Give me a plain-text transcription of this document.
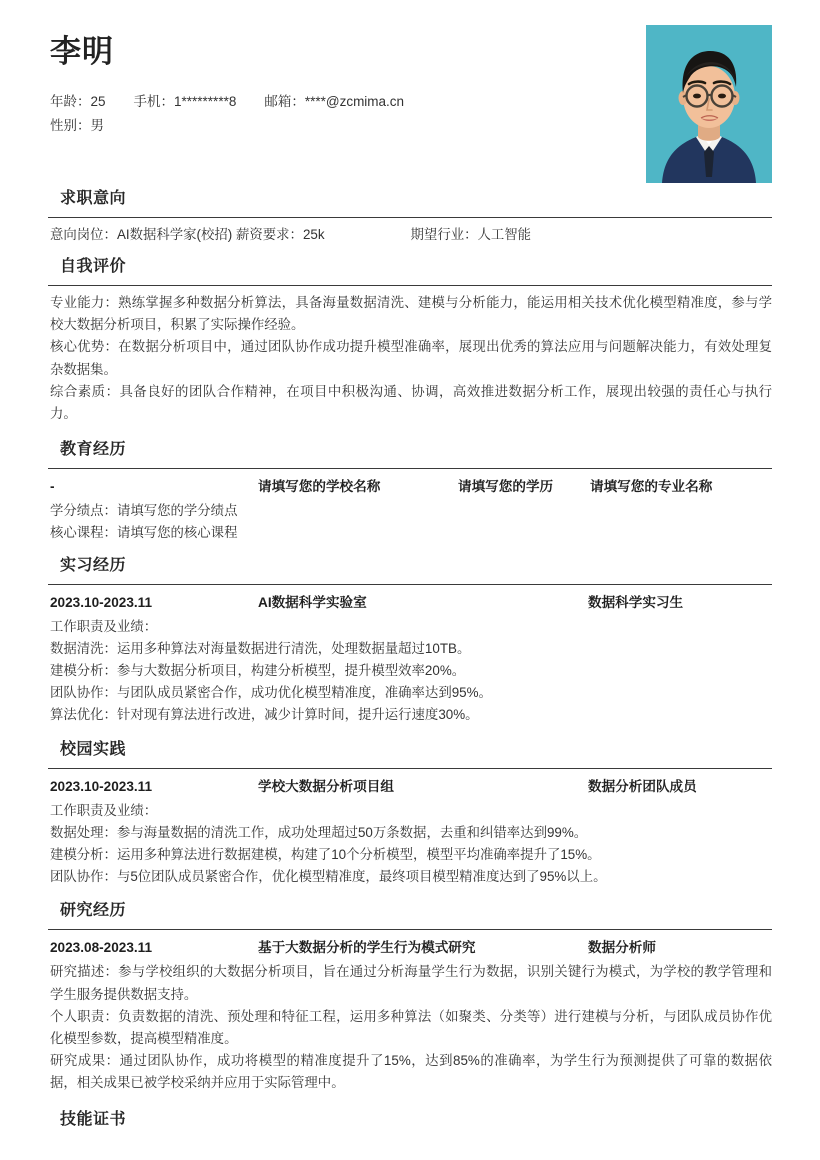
李明
年龄：25 手机：1*********8 邮箱：****@zcmima.cn
性别：男
求职意向
意向岗位：AI数据科学家(校招) 薪资要求：25k	期望行业：人工智能
自我评价

专业能力：熟练掌握多种数据分析算法，具备海量数据清洗、建模与分析能力，能运用相关技术优化模型精准度，参与学校大数据分析项目，积累了实际操作经验。

核心优势：在数据分析项目中，通过团队协作成功提升模型准确率，展现出优秀的算法应用与问题解决能力，有效处理复杂数据集。

综合素质：具备良好的团队合作精神，在项目中积极沟通、协调，高效推进数据分析工作，展现出较强的责任心与执行力。

教育经历
-	请填写您的学校名称	请填写您的学历	请填写您的专业名称

学分绩点：请填写您的学分绩点

核心课程：请填写您的核心课程

实习经历
2023.10-2023.11	AI数据科学实验室	数据科学实习生

工作职责及业绩：

数据清洗：运用多种算法对海量数据进行清洗，处理数据量超过10TB。

建模分析：参与大数据分析项目，构建分析模型，提升模型效率20%。

团队协作：与团队成员紧密合作，成功优化模型精准度，准确率达到95%。

算法优化：针对现有算法进行改进，减少计算时间，提升运行速度30%。

校园实践
2023.10-2023.11	学校大数据分析项目组	数据分析团队成员

工作职责及业绩：

数据处理：参与海量数据的清洗工作，成功处理超过50万条数据，去重和纠错率达到99%。

建模分析：运用多种算法进行数据建模，构建了10个分析模型，模型平均准确率提升了15%。

团队协作：与5位团队成员紧密合作，优化模型精准度，最终项目模型精准度达到了95%以上。

研究经历
2023.08-2023.11	基于大数据分析的学生行为模式研究	数据分析师

研究描述：参与学校组织的大数据分析项目，旨在通过分析海量学生行为数据，识别关键行为模式，为学校的教学管理和学生服务提供数据支持。

个人职责：负责数据的清洗、预处理和特征工程，运用多种算法（如聚类、分类等）进行建模与分析，与团队成员协作优化模型参数，提高模型精准度。

研究成果：通过团队协作，成功将模型的精准度提升了15%，达到85%的准确率，为学生行为预测提供了可靠的数据依据，相关成果已被学校采纳并应用于实际管理中。

技能证书
